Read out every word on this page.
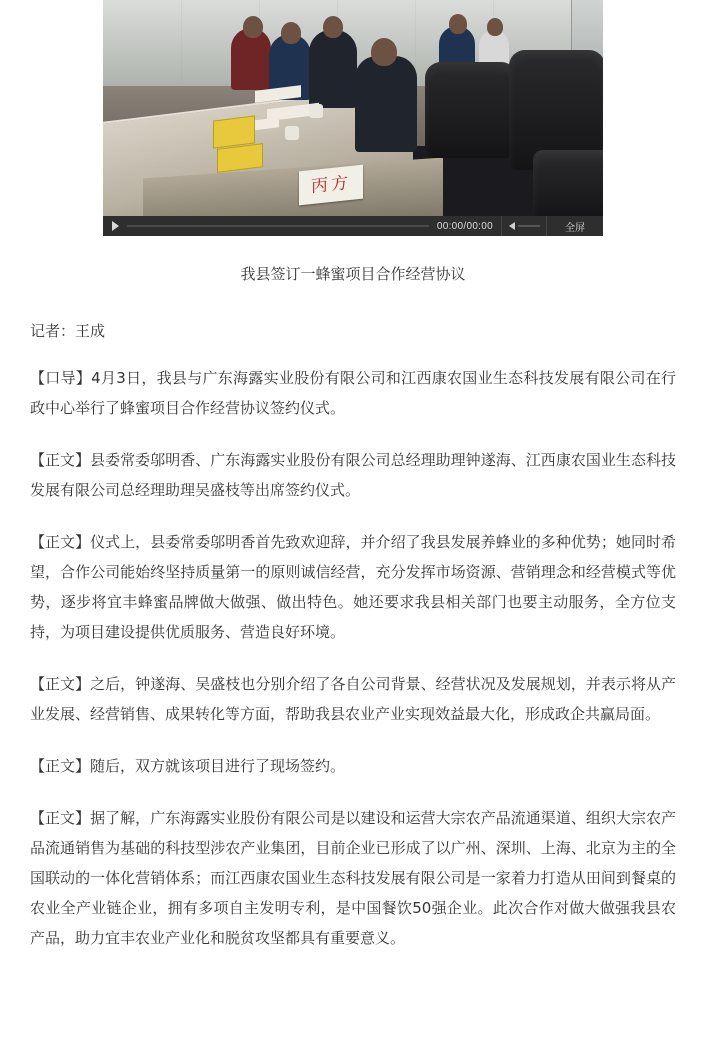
丙方
00:00/00:00	全屏
我县签订一蜂蜜项目合作经营协议
记者：王成

【口导】4月3日，我县与广东海露实业股份有限公司和江西康农国业生态科技发展有限公司在行政中心举行了蜂蜜项目合作经营协议签约仪式。

【正文】县委常委邬明香、广东海露实业股份有限公司总经理助理钟遂海、江西康农国业生态科技发展有限公司总经理助理吴盛枝等出席签约仪式。

【正文】仪式上，县委常委邬明香首先致欢迎辞，并介绍了我县发展养蜂业的多种优势；她同时希望，合作公司能始终坚持质量第一的原则诚信经营，充分发挥市场资源、营销理念和经营模式等优势，逐步将宜丰蜂蜜品牌做大做强、做出特色。她还要求我县相关部门也要主动服务，全方位支持，为项目建设提供优质服务、营造良好环境。

【正文】之后，钟遂海、吴盛枝也分别介绍了各自公司背景、经营状况及发展规划，并表示将从产业发展、经营销售、成果转化等方面，帮助我县农业产业实现效益最大化，形成政企共赢局面。

【正文】随后，双方就该项目进行了现场签约。

【正文】据了解，广东海露实业股份有限公司是以建设和运营大宗农产品流通渠道、组织大宗农产品流通销售为基础的科技型涉农产业集团，目前企业已形成了以广州、深圳、上海、北京为主的全国联动的一体化营销体系；而江西康农国业生态科技发展有限公司是一家着力打造从田间到餐桌的农业全产业链企业，拥有多项自主发明专利，是中国餐饮50强企业。此次合作对做大做强我县农产品，助力宜丰农业产业化和脱贫攻坚都具有重要意义。
